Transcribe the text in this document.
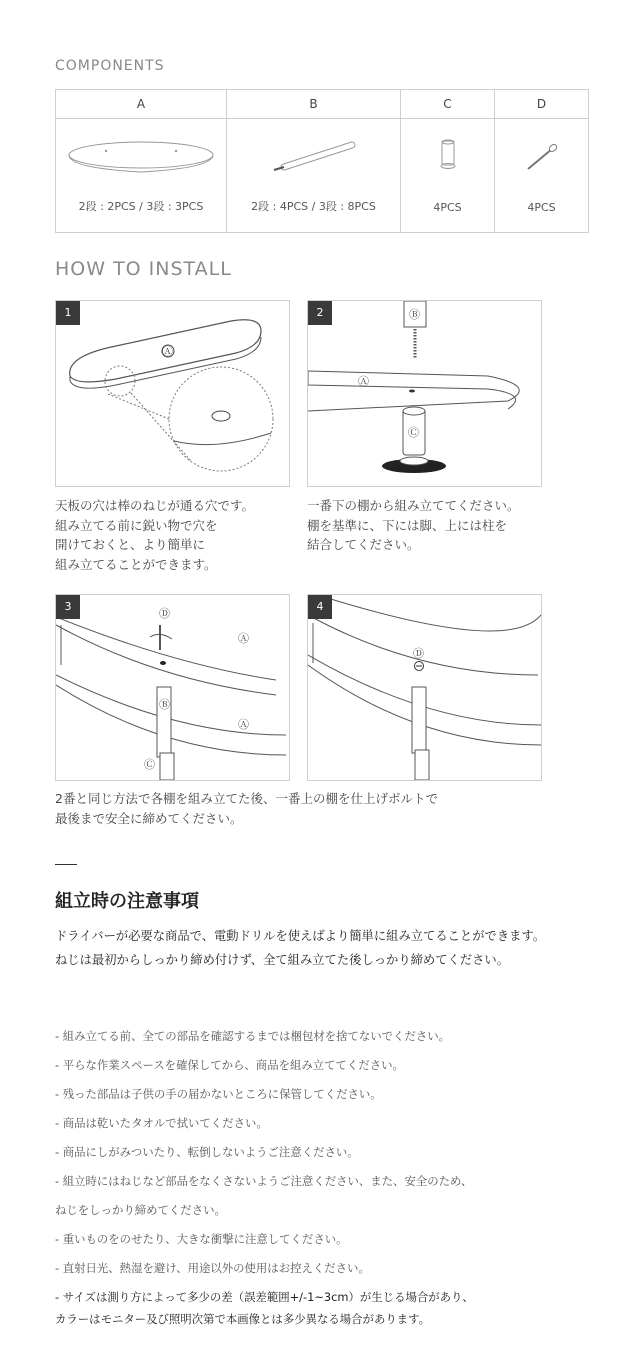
COMPONENTS
A	B	C	D

2段 : 2PCS / 3段 : 3PCS	2段 : 4PCS / 3段 : 8PCS	4PCS	4PCS
HOW TO INSTALL
1
Ⓐ
天板の穴は棒のねじが通る穴です。
組み立てる前に鋭い物で穴を
開けておくと、より簡単に
組み立てることができます。
2	Ⓑ
Ⓐ
Ⓒ
一番下の棚から組み立ててください。
棚を基準に、下には脚、上には柱を
結合してください。
3
Ⓓ
Ⓐ
Ⓑ
Ⓐ
Ⓒ
4
Ⓓ
2番と同じ方法で各棚を組み立てた後、一番上の棚を仕上げボルトで
最後まで安全に締めてください。
組立時の注意事項
ドライバーが必要な商品で、電動ドリルを使えばより簡単に組み立てることができます。
ねじは最初からしっかり締め付けず、全て組み立てた後しっかり締めてください。
- 組み立てる前、全ての部品を確認するまでは梱包材を捨てないでください。
- 平らな作業スペースを確保してから、商品を組み立ててください。
- 残った部品は子供の手の届かないところに保管してください。
- 商品は乾いたタオルで拭いてください。
- 商品にしがみついたり、転倒しないようご注意ください。
- 組立時にはねじなど部品をなくさないようご注意ください、また、安全のため、
ねじをしっかり締めてください。
- 重いものをのせたり、大きな衝撃に注意してください。
- 直射日光、熱湿を避け、用途以外の使用はお控えください。
- サイズは測り方によって多少の差（誤差範囲+/-1~3cm）が生じる場合があり、
カラーはモニター及び照明次第で本画像とは多少異なる場合があります。
